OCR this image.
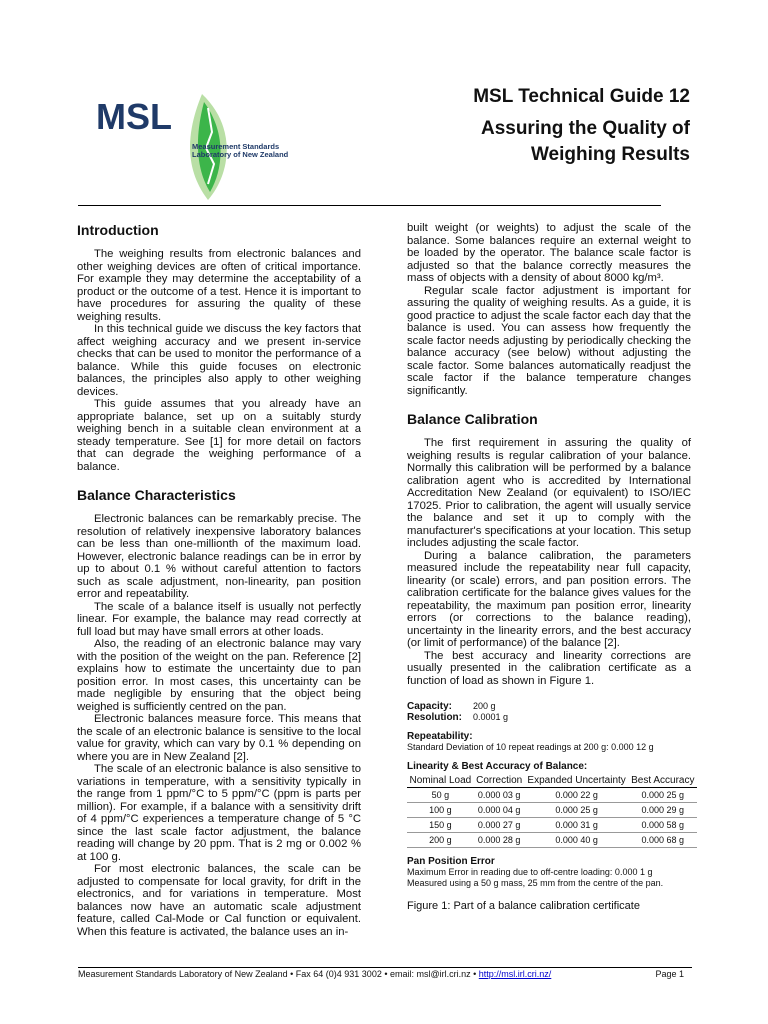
MSL
Measurement Standards
Laboratory of New Zealand
MSL Technical Guide 12
Assuring the Quality of
Weighing Results
Introduction

The weighing results from electronic balances and other weighing devices are often of critical importance. For example they may determine the acceptability of a product or the outcome of a test. Hence it is important to have procedures for assuring the quality of these weighing results.

In this technical guide we discuss the key factors that affect weighing accuracy and we present in-service checks that can be used to monitor the performance of a balance. While this guide focuses on electronic balances, the principles also apply to other weighing devices.

This guide assumes that you already have an appropriate balance, set up on a suitably sturdy weighing bench in a suitable clean environment at a steady temperature. See [1] for more detail on factors that can degrade the weighing performance of a balance.

Balance Characteristics

Electronic balances can be remarkably precise. The resolution of relatively inexpensive laboratory balances can be less than one-millionth of the maximum load. However, electronic balance readings can be in error by up to about 0.1 % without careful attention to factors such as scale adjustment, non-linearity, pan position error and repeatability.

The scale of a balance itself is usually not perfectly linear. For example, the balance may read correctly at full load but may have small errors at other loads.

Also, the reading of an electronic balance may vary with the position of the weight on the pan. Reference [2] explains how to estimate the uncertainty due to pan position error. In most cases, this uncertainty can be made negligible by ensuring that the object being weighed is sufficiently centred on the pan.

Electronic balances measure force. This means that the scale of an electronic balance is sensitive to the local value for gravity, which can vary by 0.1 % depending on where you are in New Zealand [2].

The scale of an electronic balance is also sensitive to variations in temperature, with a sensitivity typically in the range from 1 ppm/°C to 5 ppm/°C (ppm is parts per million). For example, if a balance with a sensitivity drift of 4 ppm/°C experiences a temperature change of 5 °C since the last scale factor adjustment, the balance reading will change by 20 ppm. That is 2 mg or 0.002 % at 100 g.

For most electronic balances, the scale can be adjusted to compensate for local gravity, for drift in the electronics, and for variations in temperature. Most balances now have an automatic scale adjustment feature, called Cal-Mode or Cal function or equivalent. When this feature is activated, the balance uses an in-

built weight (or weights) to adjust the scale of the balance. Some balances require an external weight to be loaded by the operator. The balance scale factor is adjusted so that the balance correctly measures the mass of objects with a density of about 8000 kg/m³.

Regular scale factor adjustment is important for assuring the quality of weighing results. As a guide, it is good practice to adjust the scale factor each day that the balance is used. You can assess how frequently the scale factor needs adjusting by periodically checking the balance accuracy (see below) without adjusting the scale factor. Some balances automatically readjust the scale factor if the balance temperature changes significantly.

Balance Calibration

The first requirement in assuring the quality of weighing results is regular calibration of your balance. Normally this calibration will be performed by a balance calibration agent who is accredited by International Accreditation New Zealand (or equivalent) to ISO/IEC 17025. Prior to calibration, the agent will usually service the balance and set it up to comply with the manufacturer's specifications at your location. This setup includes adjusting the scale factor.

During a balance calibration, the parameters measured include the repeatability near full capacity, linearity (or scale) errors, and pan position errors. The calibration certificate for the balance gives values for the repeatability, the maximum pan position error, linearity errors (or corrections to the balance reading), uncertainty in the linearity errors, and the best accuracy (or limit of performance) of the balance [2].

The best accuracy and linearity corrections are usually presented in the calibration certificate as a function of load as shown in Figure 1.

Capacity:	200 g
Resolution:	0.0001 g
Repeatability:
Standard Deviation of 10 repeat readings at 200 g: 0.000 12 g
Linearity & Best Accuracy of Balance:
Nominal Load	Correction	Expanded Uncertainty	Best Accuracy
50 g	0.000 03 g	0.000 22 g	0.000 25 g
100 g	0.000 04 g	0.000 25 g	0.000 29 g
150 g	0.000 27 g	0.000 31 g	0.000 58 g
200 g	0.000 28 g	0.000 40 g	0.000 68 g
Pan Position Error
Maximum Error in reading due to off-centre loading: 0.000 1 g
Measured using a 50 g mass, 25 mm from the centre of the pan.
Figure 1: Part of a balance calibration certificate
Measurement Standards Laboratory of New Zealand • Fax 64 (0)4 931 3002 • email: msl@irl.cri.nz • http://msl.irl.cri.nz/	Page 1
